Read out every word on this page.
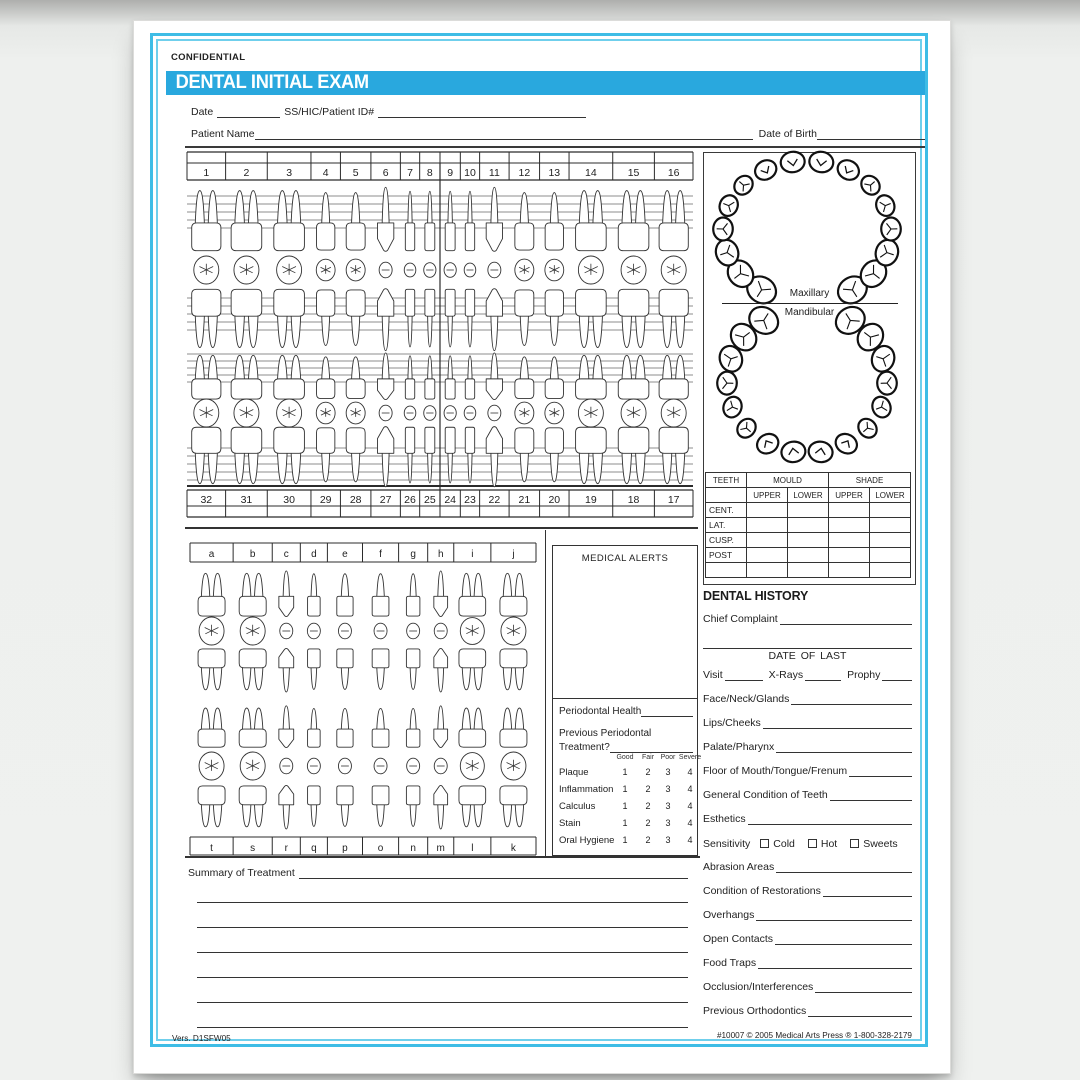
CONFIDENTIAL
DENTAL INITIAL EXAM
Date	SS/HIC/Patient ID#
Patient Name	Date of Birth
1	2	3	4 5 6 7 8 9 10 11 12 13 14	15	16
32	31	30 29 28 27 26 25 24 23 22 21 20 19	18	17
Maxillary
Mandibular
TEETH	MOULD		SHADE	
	UPPER	LOWER	UPPER	LOWER
CENT.				
LAT.				
CUSP.				
POST				

a	b	c d	e	f	g h	i	j
t	s	r q	p	o	n m	l	k
MEDICAL ALERTS
Periodontal Health
Previous Periodontal
Treatment?
Good	Fair Poor Severe
Plaque	1	2	3	4
Inflammation	1	2	3	4
Calculus	1	2	3	4
Stain	1	2	3	4
Oral Hygiene 1	2	3	4
DENTAL HISTORY
Chief Complaint
DATE OF LAST
Visit	X-Rays	Prophy
Face/Neck/Glands
Lips/Cheeks
Palate/Pharynx
Floor of Mouth/Tongue/Frenum
General Condition of Teeth
Esthetics
Sensitivity	Cold	Hot	Sweets
Abrasion Areas
Condition of Restorations
Overhangs
Open Contacts
Food Traps
Occlusion/Interferences
Previous Orthodontics
Summary of Treatment
Vers. D1SFW05	#10007 © 2005 Medical Arts Press ® 1-800-328-2179
